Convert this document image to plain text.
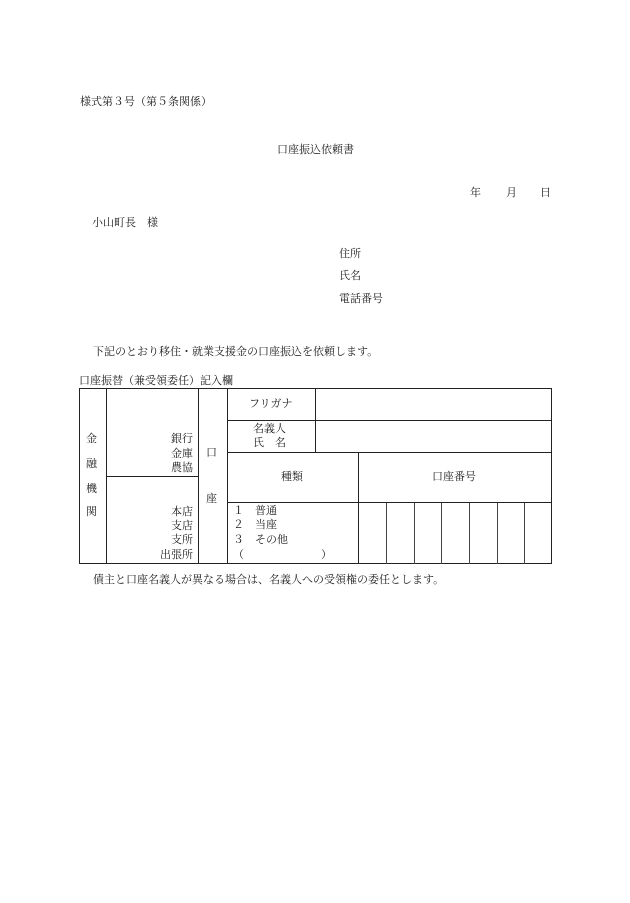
様式第３号（第５条関係）
口座振込依頼書
年 月 日
小山町長　様
住所
氏名
電話番号
下記のとおり移住・就業支援金の口座振込を依頼します。
口座振替（兼受領委任）記入欄
金
融
機
関
銀行
金庫
農協
本店
支店
支所
出張所
口
座
フリガナ
名義人
氏　名
種類	口座番号
１　普通
２　当座
３　その他
（　　　　　　　）
債主と口座名義人が異なる場合は、名義人への受領権の委任とします。
